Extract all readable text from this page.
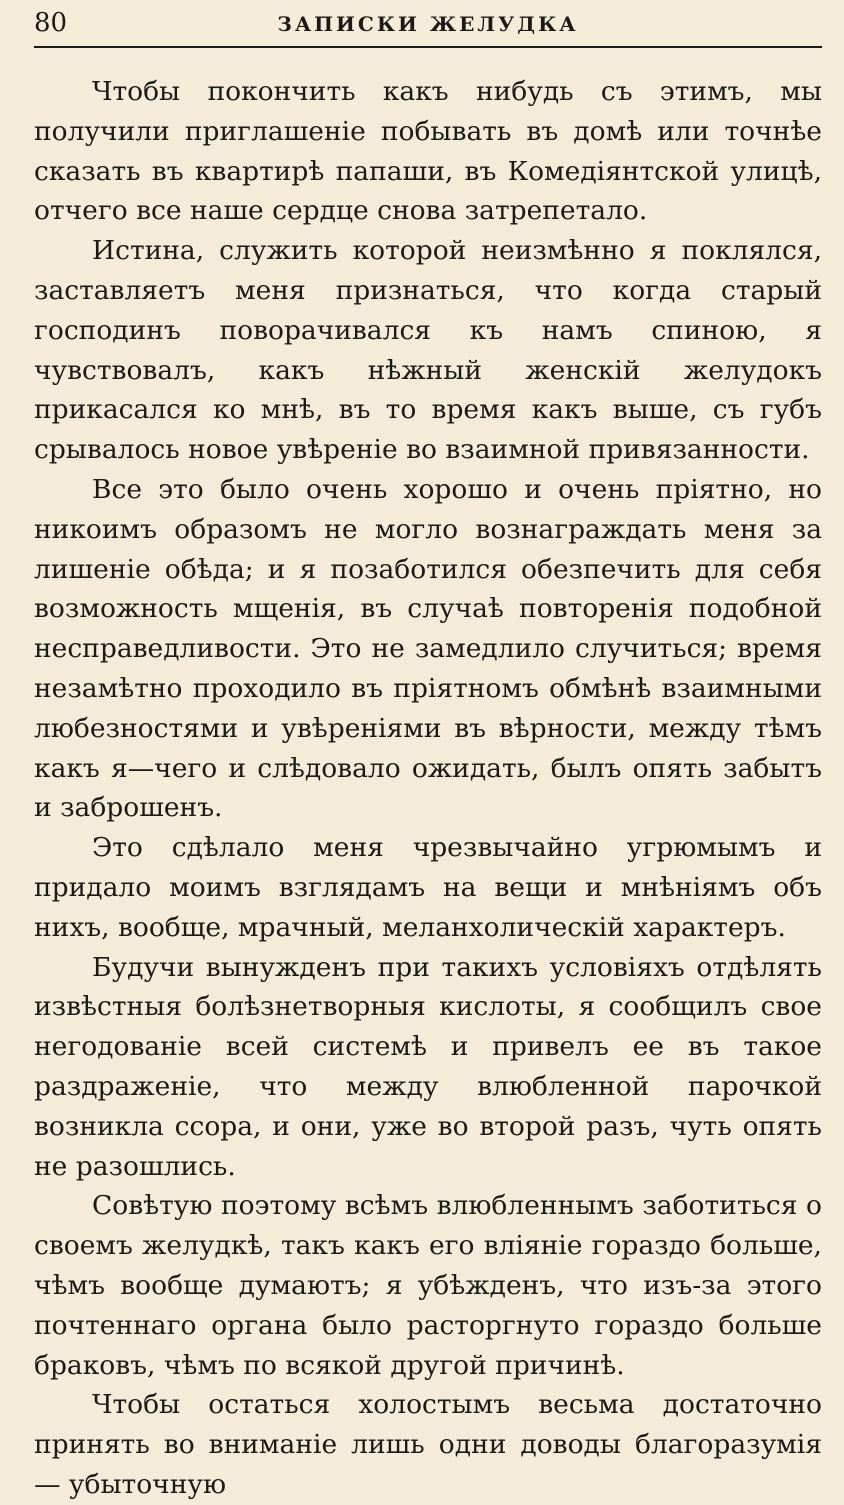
80	ЗАПИСКИ ЖЕЛУДКА

Чтобы покончить какъ нибудь съ этимъ, мы получили приглашенiе побывать въ домѣ или точнѣе сказать въ квартирѣ папаши, въ Комедiянтской улицѣ, отчего все наше сердце снова затрепетало.

Истина, служить которой неизмѣнно я поклялся, заставляетъ меня признаться, что когда старый господинъ поворачивался къ намъ спиною, я чувствовалъ, какъ нѣжный женскiй желудокъ прикасался ко мнѣ, въ то время какъ выше, съ губъ срывалось новое увѣренiе во взаимной привязанности.

Все это было очень хорошо и очень прiятно, но никоимъ образомъ не могло вознаграждать меня за лишенiе обѣда; и я позаботился обезпечить для себя возможность мщенiя, въ случаѣ повторенiя подобной несправедливости. Это не замедлило случиться; время незамѣтно проходило въ прiятномъ обмѣнѣ взаимными любезностями и увѣренiями въ вѣрности, между тѣмъ какъ я—чего и слѣдовало ожидать, былъ опять забытъ и заброшенъ.

Это сдѣлало меня чрезвычайно угрюмымъ и придало моимъ взглядамъ на вещи и мнѣнiямъ объ нихъ, вообще, мрачный, меланхолическiй характеръ.

Будучи вынужденъ при такихъ условiяхъ отдѣлять извѣстныя болѣзнетворныя кислоты, я сообщилъ свое негодованiе всей системѣ и привелъ ее въ такое раздраженiе, что между влюбленной парочкой возникла ссора, и они, уже во второй разъ, чуть опять не разошлись.

Совѣтую поэтому всѣмъ влюбленнымъ заботиться о своемъ желудкѣ, такъ какъ его влiянiе гораздо больше, чѣмъ вообще думаютъ; я убѣжденъ, что изъ-за этого почтеннаго органа было расторгнуто гораздо больше браковъ, чѣмъ по всякой другой причинѣ.

Чтобы остаться холостымъ весьма достаточно принять во вниманiе лишь одни доводы благоразумiя — убыточную
